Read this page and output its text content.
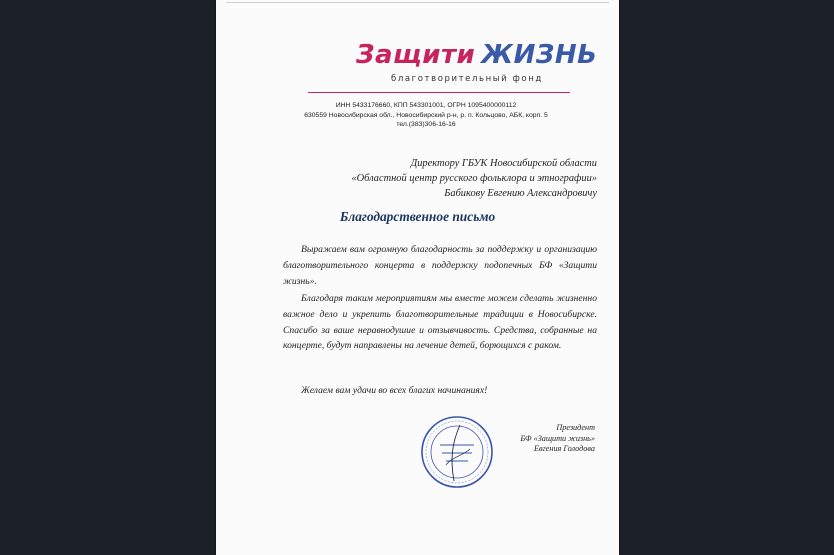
Защити ЖИЗНЬ
благотворительный фонд
ИНН 5433176660, КПП 543301001, ОГРН 1095400000112
630559 Новосибирская обл., Новосибирский р-н, р. п. Кольцово, АБК, корп. 5
тел.(383)306-16-16
Директору ГБУК Новосибирской области
«Областной центр русского фольклора и этнографии»
Бабикову Евгению Александровичу
Благодарственное письмо
Выражаем вам огромную благодарность за поддержку и организацию благотворительного концерта в поддержку подопечных БФ «Защити жизнь».
Благодаря таким мероприятиям мы вместе можем сделать жизненно важное дело и укрепить благотворительные традиции в Новосибирске. Спасибо за ваше неравнодушие и отзывчивость. Средства, собранные на концерте, будут направлены на лечение детей, борющихся с раком.
Желаем вам удачи во всех благих начинаниях!
Президент
БФ «Защити жизнь»
Евгения Голодова
